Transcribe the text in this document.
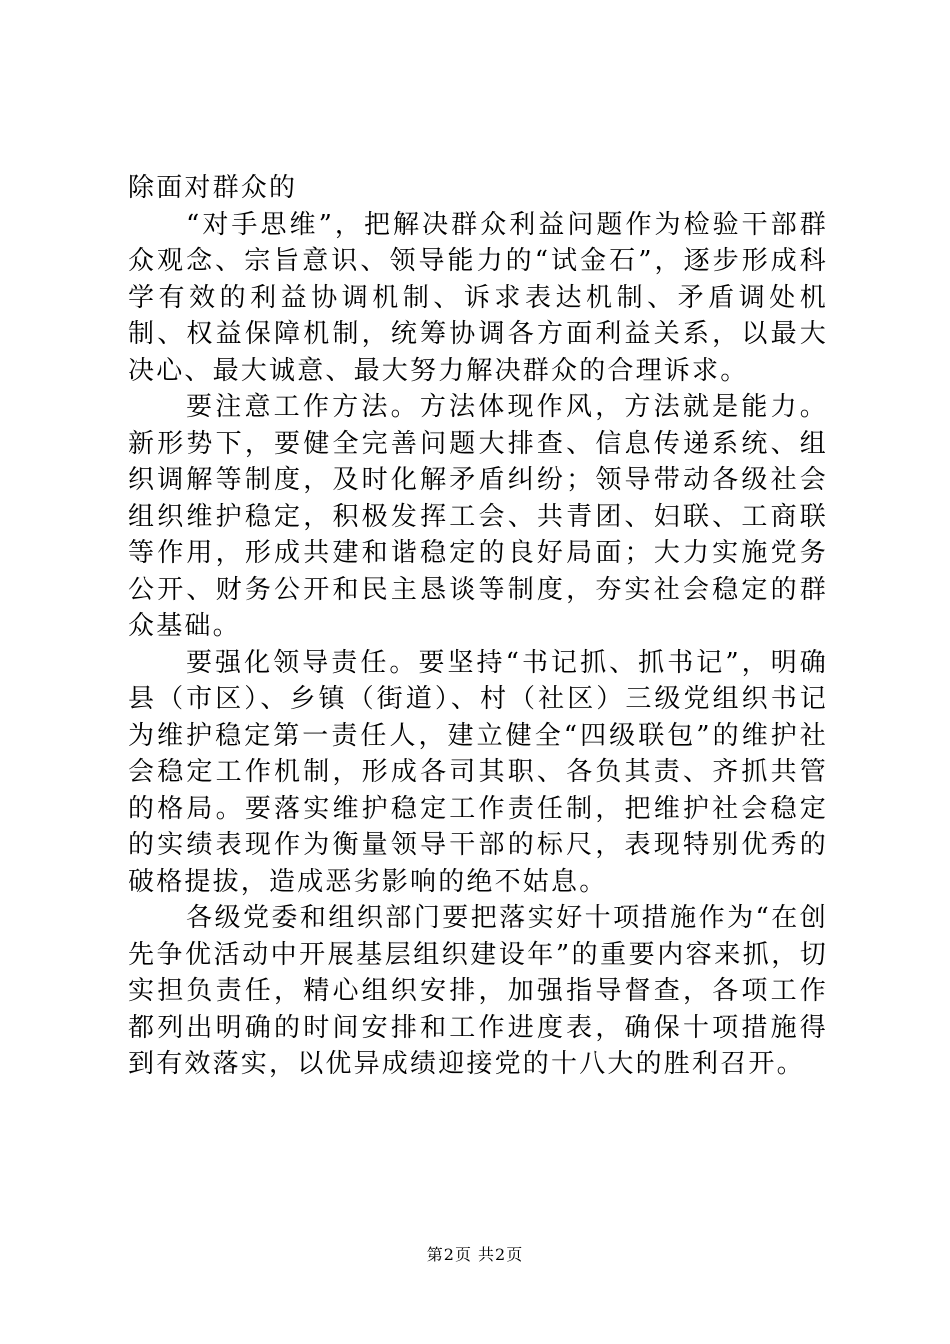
除面对群众的

“对手思维”，把解决群众利益问题作为检验干部群众观念、宗旨意识、领导能力的“试金石”，逐步形成科学有效的利益协调机制、诉求表达机制、矛盾调处机制、权益保障机制，统筹协调各方面利益关系，以最大决心、最大诚意、最大努力解决群众的合理诉求。

要注意工作方法。方法体现作风，方法就是能力。新形势下，要健全完善问题大排查、信息传递系统、组织调解等制度，及时化解矛盾纠纷；领导带动各级社会组织维护稳定，积极发挥工会、共青团、妇联、工商联等作用，形成共建和谐稳定的良好局面；大力实施党务公开、财务公开和民主恳谈等制度，夯实社会稳定的群众基础。

要强化领导责任。要坚持“书记抓、抓书记”，明确县（市区）、乡镇（街道）、村（社区）三级党组织书记为维护稳定第一责任人，建立健全“四级联包”的维护社会稳定工作机制，形成各司其职、各负其责、齐抓共管的格局。要落实维护稳定工作责任制，把维护社会稳定的实绩表现作为衡量领导干部的标尺，表现特别优秀的破格提拔，造成恶劣影响的绝不姑息。

各级党委和组织部门要把落实好十项措施作为“在创先争优活动中开展基层组织建设年”的重要内容来抓，切实担负责任，精心组织安排，加强指导督查，各项工作都列出明确的时间安排和工作进度表，确保十项措施得到有效落实，以优异成绩迎接党的十八大的胜利召开。

第2页 共2页
